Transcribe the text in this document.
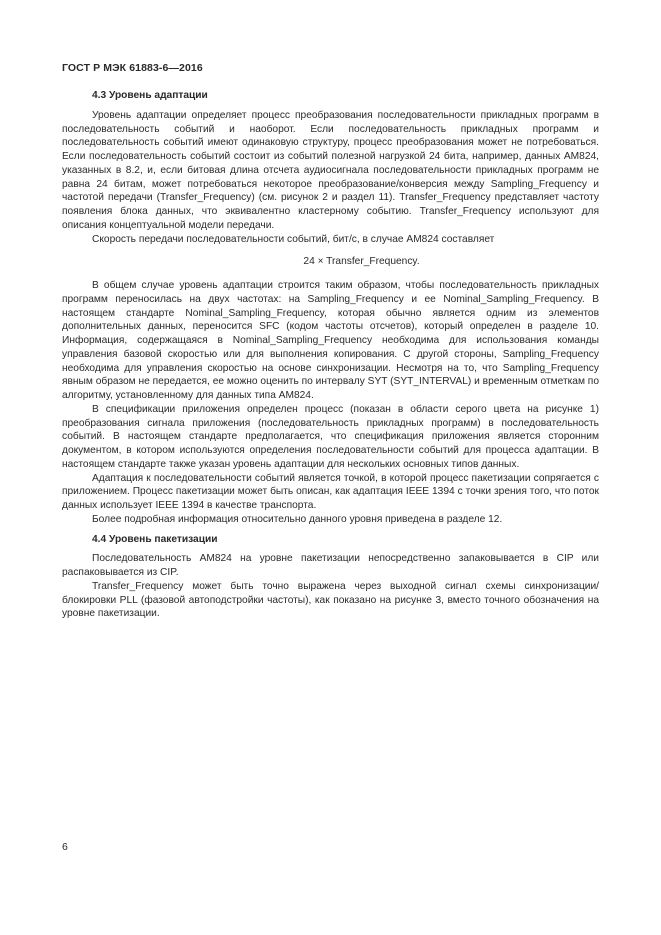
ГОСТ Р МЭК 61883-6—2016
4.3 Уровень адаптации

Уровень адаптации определяет процесс преобразования последовательности прикладных программ в последовательность событий и наоборот. Если последовательность прикладных программ и последовательность событий имеют одинаковую структуру, процесс преобразования может не потребоваться. Если последовательность событий состоит из событий полезной нагрузкой 24 бита, например, данных АМ824, указанных в 8.2, и, если битовая длина отсчета аудиосигнала последовательности прикладных программ не равна 24 битам, может потребоваться некоторое преобразование/конверсия между Sampling_Frequency и частотой передачи (Transfer_Frequency) (см. рисунок 2 и раздел 11). Transfer_Frequency представляет частоту появления блока данных, что эквивалентно кластерному событию. Transfer_Frequency используют для описания концептуальной модели передачи.

Скорость передачи последовательности событий, бит/с, в случае АМ824 составляет

24 × Transfer_Frequency.

В общем случае уровень адаптации строится таким образом, чтобы последовательность прикладных программ переносилась на двух частотах: на Sampling_Frequency и ее Nominal_Sampling_Frequency. В настоящем стандарте Nominal_Sampling_Frequency, которая обычно является одним из элементов дополнительных данных, переносится SFC (кодом частоты отсчетов), который определен в разделе 10. Информация, содержащаяся в Nominal_Sampling_Frequency необходима для использования команды управления базовой скоростью или для выполнения копирования. С другой стороны, Sampling_Frequency необходима для управления скоростью на основе синхронизации. Несмотря на то, что Sampling_Frequency явным образом не передается, ее можно оценить по интервалу SYT (SYT_INTERVAL) и временным отметкам по алгоритму, установленному для данных типа АМ824.

В спецификации приложения определен процесс (показан в области серого цвета на рисунке 1) преобразования сигнала приложения (последовательность прикладных программ) в последовательность событий. В настоящем стандарте предполагается, что спецификация приложения является сторонним документом, в котором используются определения последовательности событий для процесса адаптации. В настоящем стандарте также указан уровень адаптации для нескольких основных типов данных.

Адаптация к последовательности событий является точкой, в которой процесс пакетизации сопрягается с приложением. Процесс пакетизации может быть описан, как адаптация IEEE 1394 с точки зрения того, что поток данных использует IEEE 1394 в качестве транспорта.

Более подробная информация относительно данного уровня приведена в разделе 12.

4.4 Уровень пакетизации

Последовательность АМ824 на уровне пакетизации непосредственно запаковывается в CIP или распаковывается из CIP.

Transfer_Frequency может быть точно выражена через выходной сигнал схемы синхронизации/блокировки PLL (фазовой автоподстройки частоты), как показано на рисунке 3, вместо точного обозначения на уровне пакетизации.

6
